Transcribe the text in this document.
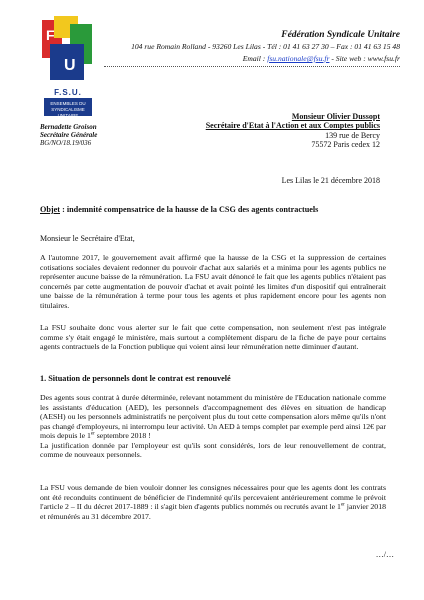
F
U
F.S.U.
ENSEMBLES DU SYNDICALISME UNITAIRE
Fédération Syndicale Unitaire
104 rue Romain Rolland - 93260 Les Lilas - Tél : 01 41 63 27 30 – Fax : 01 41 63 15 48
Email : fsu.nationale@fsu.fr - Site web : www.fsu.fr
Bernadette Groison
Secrétaire Générale
BG/NO/18.19/036
Monsieur Olivier Dussopt
Secrétaire d'Etat à l'Action et aux Comptes publics
139 rue de Bercy
75572 Paris cedex 12
Les Lilas le 21 décembre 2018
Objet : indemnité compensatrice de la hausse de la CSG des agents contractuels
Monsieur le Secrétaire d'Etat,
A l'automne 2017, le gouvernement avait affirmé que la hausse de la CSG et la suppression de certaines cotisations sociales devaient redonner du pouvoir d'achat aux salariés et a minima pour les agents publics ne représenter aucune baisse de la rémunération. La FSU avait dénoncé le fait que les agents publics n'étaient pas concernés par cette augmentation de pouvoir d'achat et avait pointé les limites d'un dispositif qui entraînerait une baisse de la rémunération à terme pour tous les agents et plus rapidement encore pour les agents non titulaires.
La FSU souhaite donc vous alerter sur le fait que cette compensation, non seulement n'est pas intégrale comme s'y était engagé le ministère, mais surtout a complètement disparu de la fiche de paye pour certains agents contractuels de la Fonction publique qui voient ainsi leur rémunération nette diminuer d'autant.
1. Situation de personnels dont le contrat est renouvelé
Des agents sous contrat à durée déterminée, relevant notamment du ministère de l'Education nationale comme les assistants d'éducation (AED), les personnels d'accompagnement des élèves en situation de handicap (AESH) ou les personnels administratifs ne perçoivent plus du tout cette compensation alors même qu'ils n'ont pas changé d'employeurs, ni interrompu leur activité. Un AED à temps complet par exemple perd ainsi 12€ par mois depuis le 1er septembre 2018 !
La justification donnée par l'employeur est qu'ils sont considérés, lors de leur renouvellement de contrat, comme de nouveaux personnels.
La FSU vous demande de bien vouloir donner les consignes nécessaires pour que les agents dont les contrats ont été reconduits continuent de bénéficier de l'indemnité qu'ils percevaient antérieurement comme le prévoit l'article 2 – II du décret 2017-1889 : il s'agit bien d'agents publics nommés ou recrutés avant le 1er janvier 2018 et rémunérés au 31 décembre 2017.
…/…
